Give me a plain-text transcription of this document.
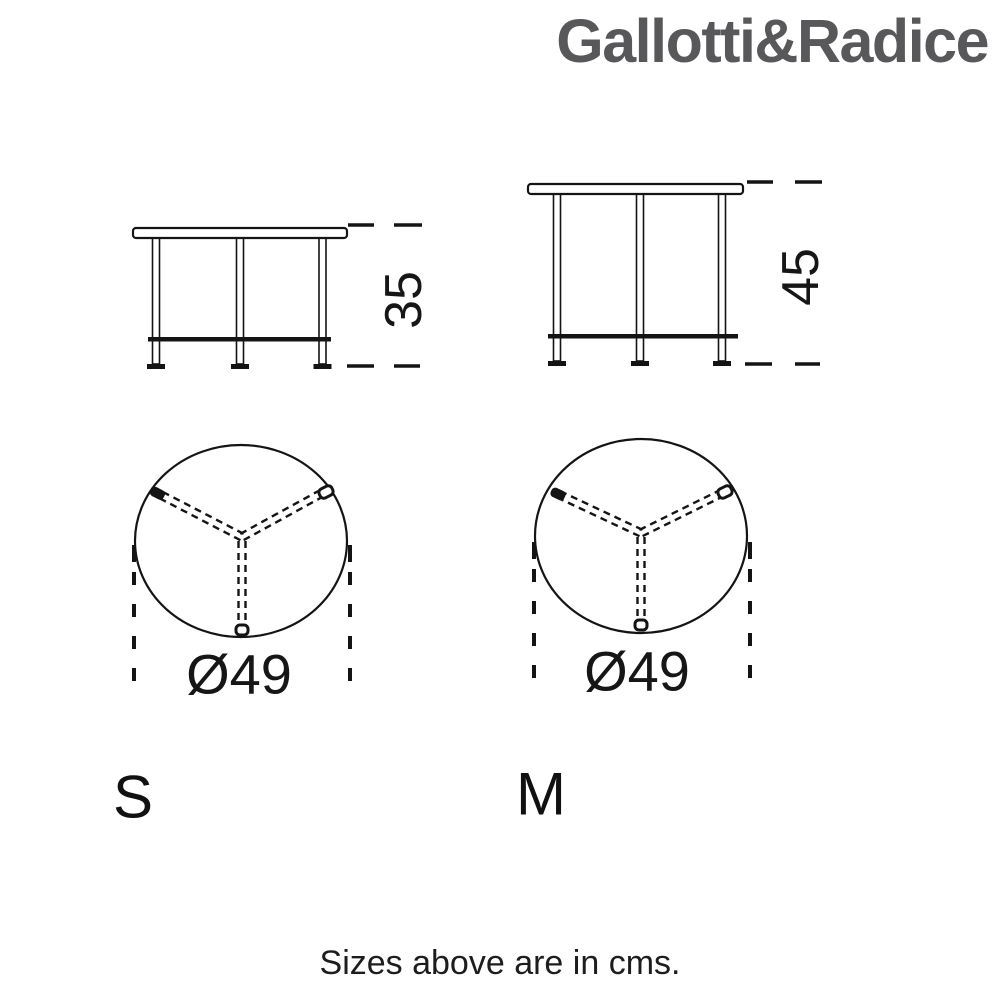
Gallotti&Radice
35	45
Ø49	Ø49
S	M
Sizes above are in cms.
